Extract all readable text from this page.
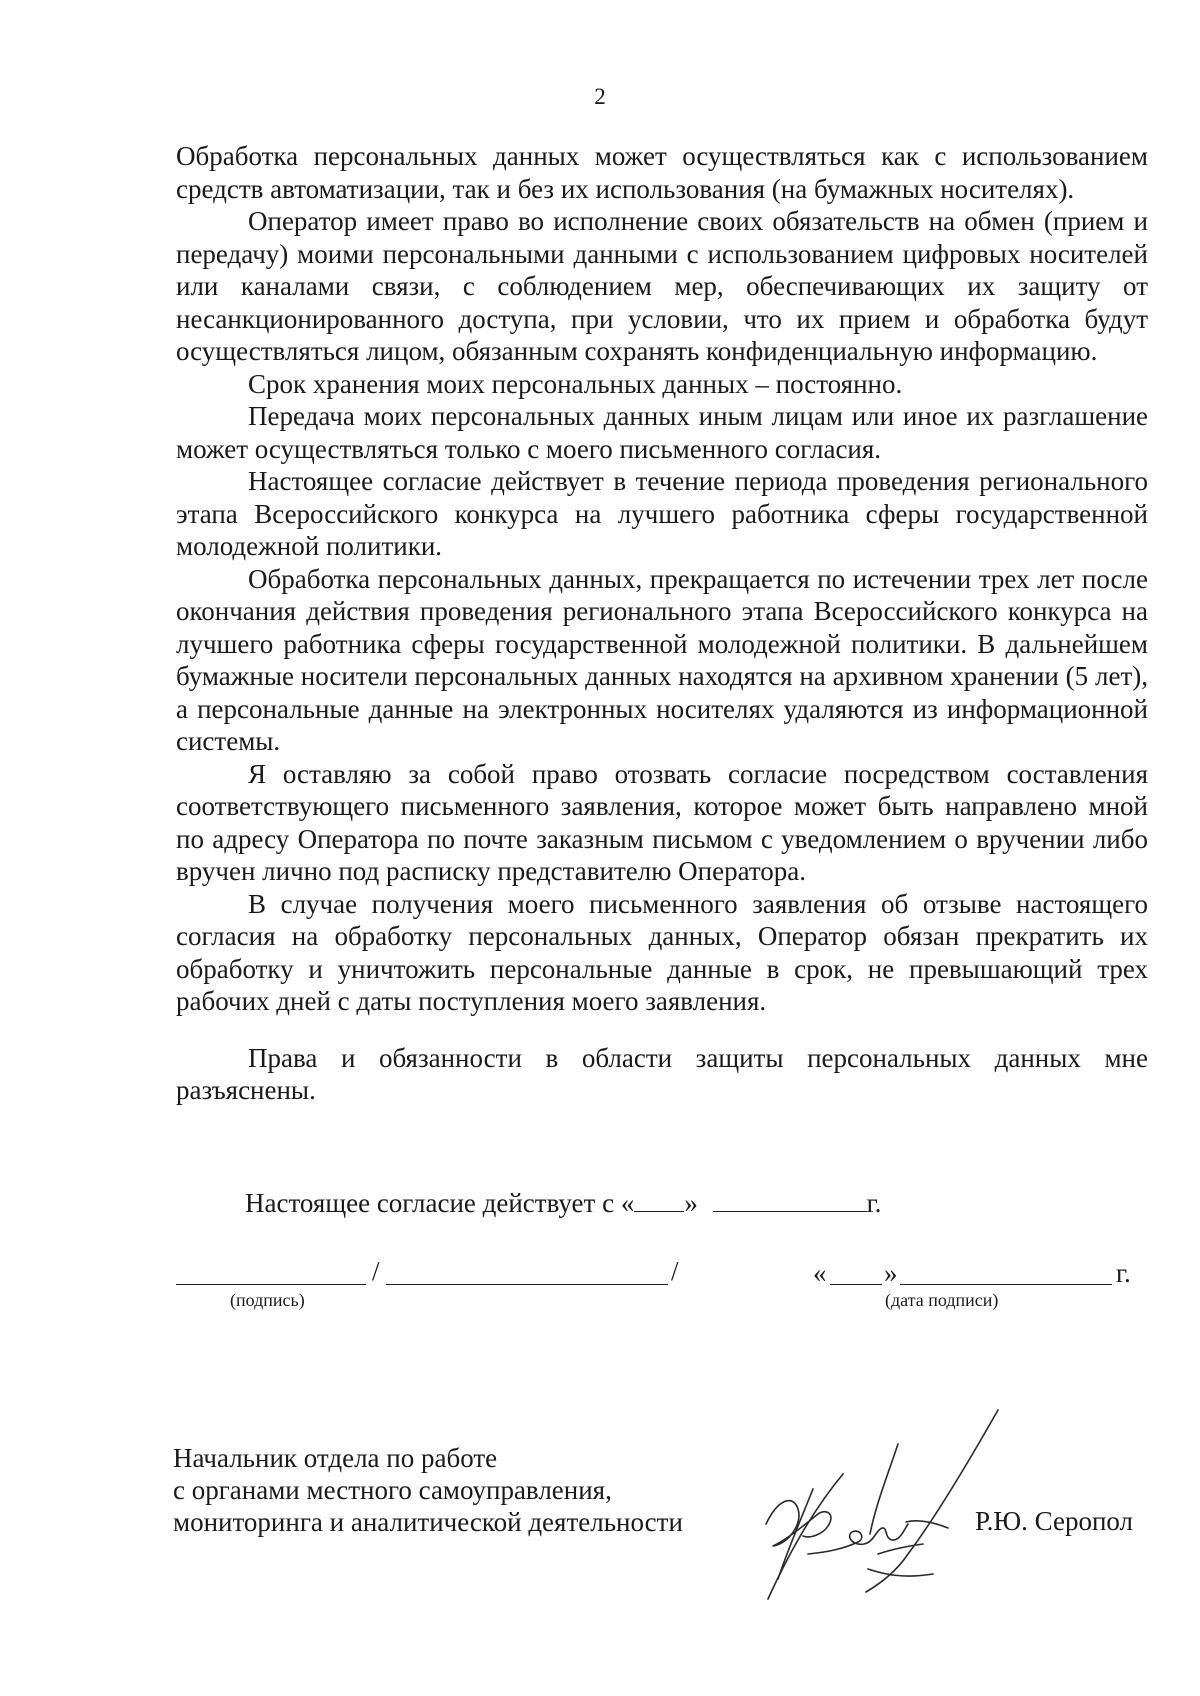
2

Обработка персональных данных может осуществляться как с использованием средств автоматизации, так и без их использования (на бумажных носителях).

Оператор имеет право во исполнение своих обязательств на обмен (прием и передачу) моими персональными данными с использованием цифровых носителей или каналами связи, с соблюдением мер, обеспечивающих их защиту от несанкционированного доступа, при условии, что их прием и обработка будут осуществляться лицом, обязанным сохранять конфиденциальную информацию.

Срок хранения моих персональных данных – постоянно.

Передача моих персональных данных иным лицам или иное их разглашение может осуществляться только с моего письменного согласия.

Настоящее согласие действует в течение периода проведения регионального этапа Всероссийского конкурса на лучшего работника сферы государственной молодежной политики.

Обработка персональных данных, прекращается по истечении трех лет после окончания действия проведения регионального этапа Всероссийского конкурса на лучшего работника сферы государственной молодежной политики. В дальнейшем бумажные носители персональных данных находятся на архивном хранении (5 лет), а персональные данные на электронных носителях удаляются из информационной системы.

Я оставляю за собой право отозвать согласие посредством составления соответствующего письменного заявления, которое может быть направлено мной по адресу Оператора по почте заказным письмом с уведомлением о вручении либо вручен лично под расписку представителю Оператора.

В случае получения моего письменного заявления об отзыве настоящего согласия на обработку персональных данных, Оператор обязан прекратить их обработку и уничтожить персональные данные в срок, не превышающий трех рабочих дней с даты поступления моего заявления.

Права и обязанности в области защиты персональных данных мне разъяснены.

Настоящее согласие действует с « »	г.
/	/	« »	г.
(подпись)	(дата подписи)
Начальник отдела по работе
с органами местного самоуправления,
мониторинга и аналитической деятельности	Р.Ю. Серопол
